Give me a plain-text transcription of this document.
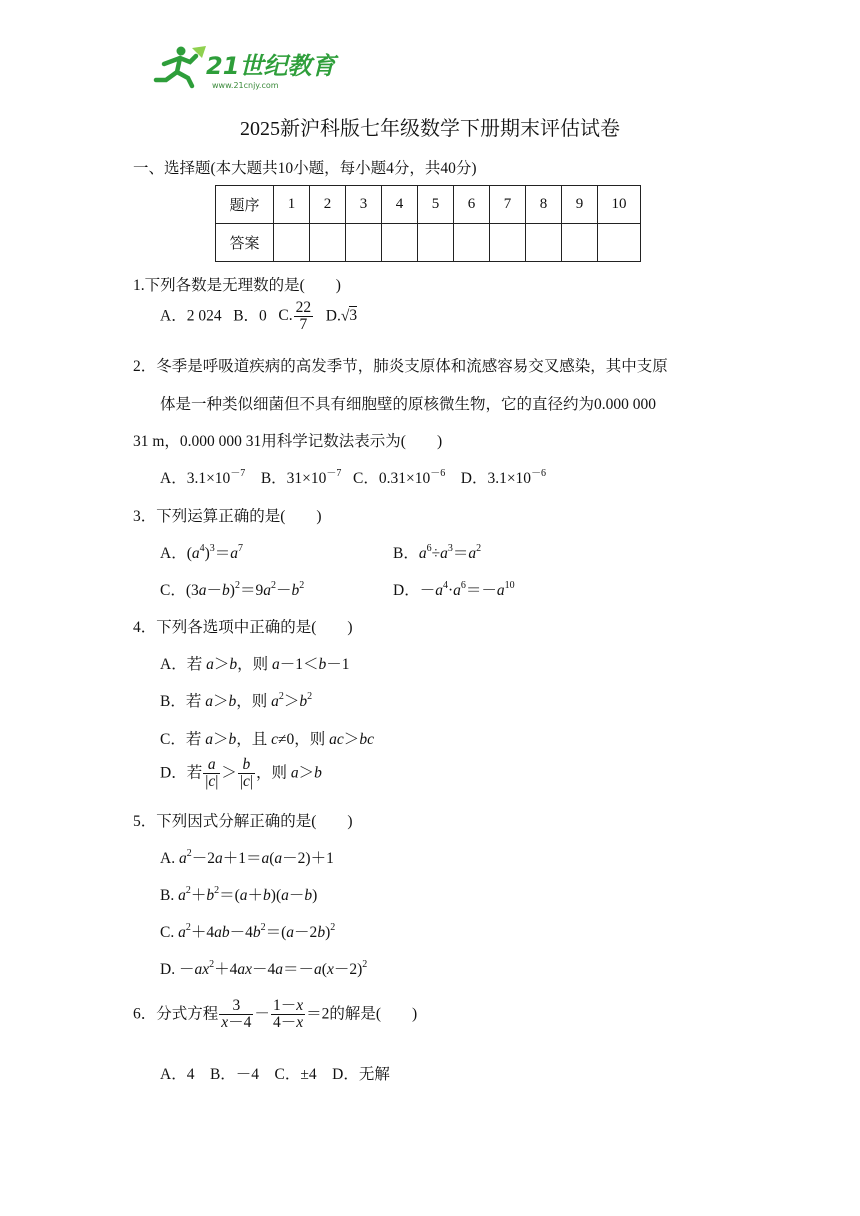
21世纪教育
www.21cnjy.com
2025新沪科版七年级数学下册期末评估试卷
一、选择题(本大题共10小题，每小题4分，共40分)
题序	1	2	3	4	5	6	7	8	9	10
答案										
1.下列各数是无理数的是(　　)
A．2 024 B．0 C. $\frac{22}{7} D.√3$
2．冬季是呼吸道疾病的高发季节，肺炎支原体和流感容易交叉感染，其中支原
体是一种类似细菌但不具有细胞壁的原核微生物，它的直径约为0.000 000
31 m，0.000 000 31用科学记数法表示为(　　)
A．$3.1\times 10^{-7}$ B．$31\times 10^{-7}$ C．$0.31\times 10^{-6}$ D．$3.1\times 10^{-6}$
3．下列运算正确的是(　　)
A．$(a^4)^3=a^7$	B．$a^6\div a^3=a^2$
C．$(3a-b)^2=9a^2-b^2$	D．$-a^4\cdot a^6=-a^{10}$
4．下列各选项中正确的是(　　)
A．若 a＞b，则 a－1＜b－1
B．若 a＞b，则 $a^2>b^2$
C．若 a＞b，且 c≠0，则 ac＞bc
D．若 $\frac{a}{|c|} > \frac{b}{|c|}$ ，则 a＞b
5．下列因式分解正确的是(　　)
A. $a^2-2a+1=a(a-2)+1$
B. $a^2+b^2=(a+b)(a-b)$
C. $a^2+4ab-4b^2=(a-2b)^2$
D. $-ax^2+4ax-4a=-a(x-2)^2$
6．分式方程 $\frac{3}{x-4} - \frac{1-x}{4-x} =2$的解是(　　)
A．4　B．－4　C．±4　D．无解
